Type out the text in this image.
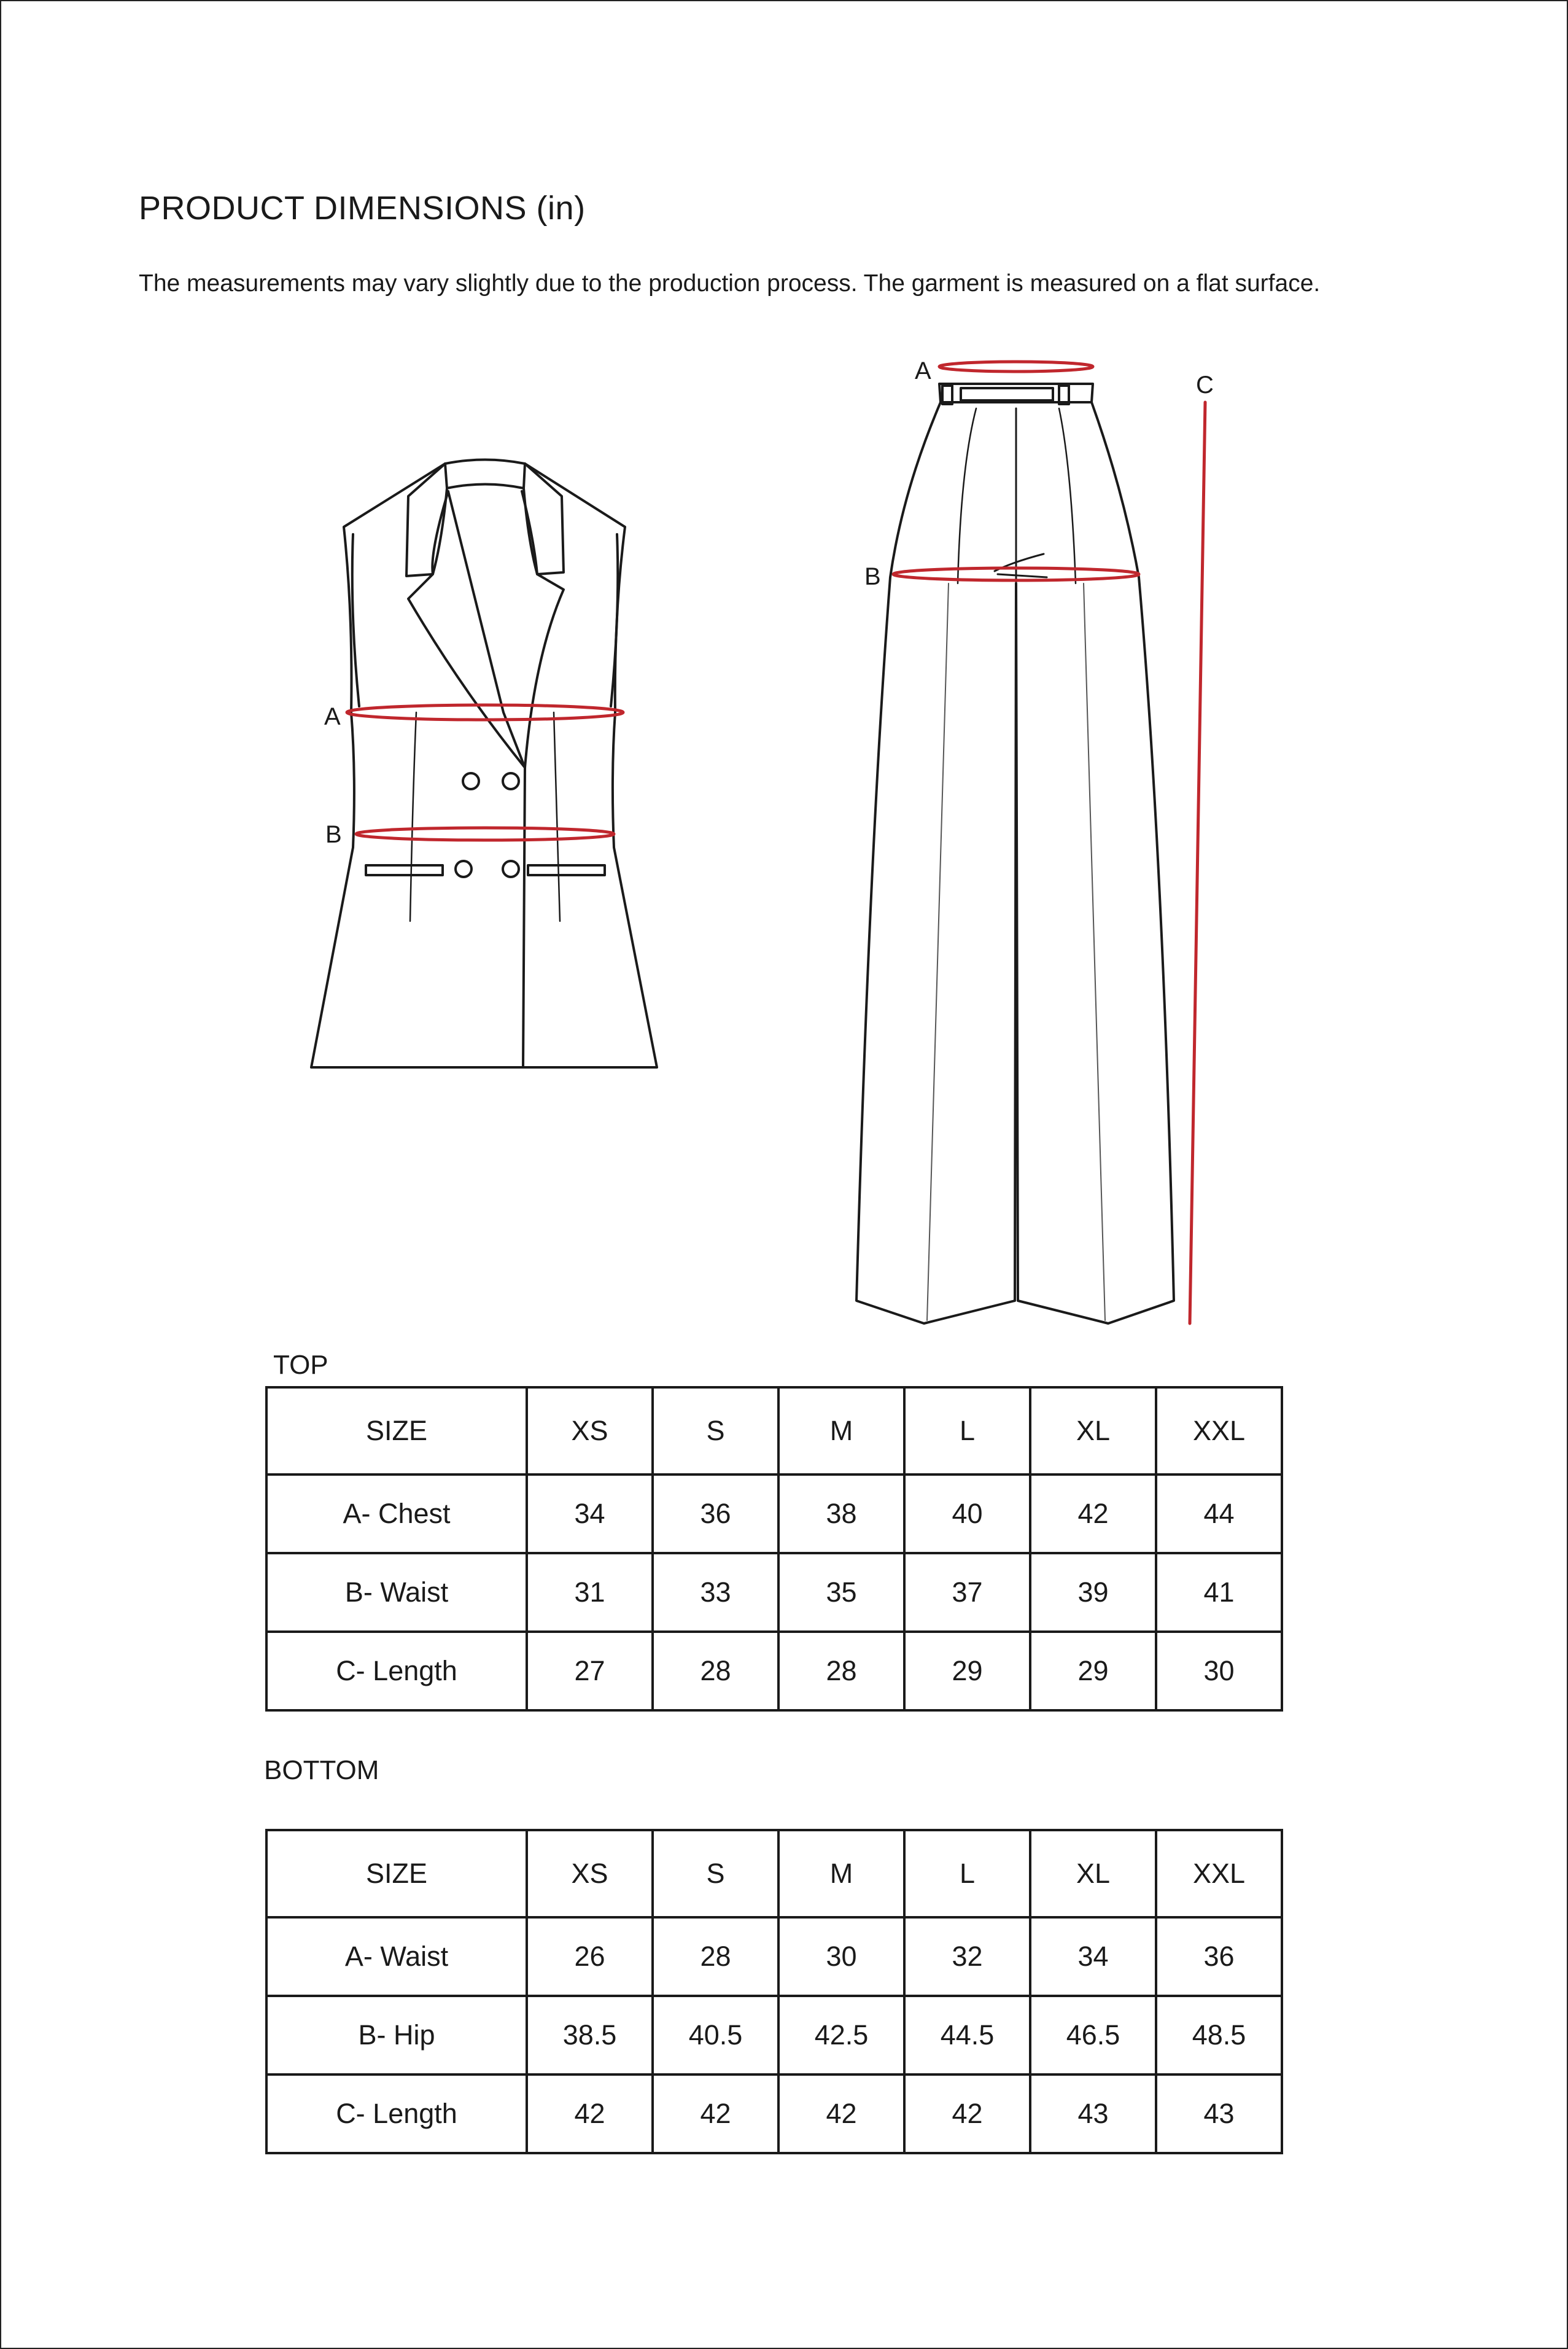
PRODUCT DIMENSIONS (in)
The measurements may vary slightly due to the production process. The garment is measured on a flat surface.
A
B
A
B
C
TOP
SIZE	XS	S	M	L	XL	XXL
A- Chest	34	36	38	40	42	44
B- Waist	31	33	35	37	39	41
C- Length	27	28	28	29	29	30
BOTTOM
SIZE	XS	S	M	L	XL	XXL
A- Waist	26	28	30	32	34	36
B- Hip	38.5	40.5	42.5	44.5	46.5	48.5
C- Length	42	42	42	42	43	43
